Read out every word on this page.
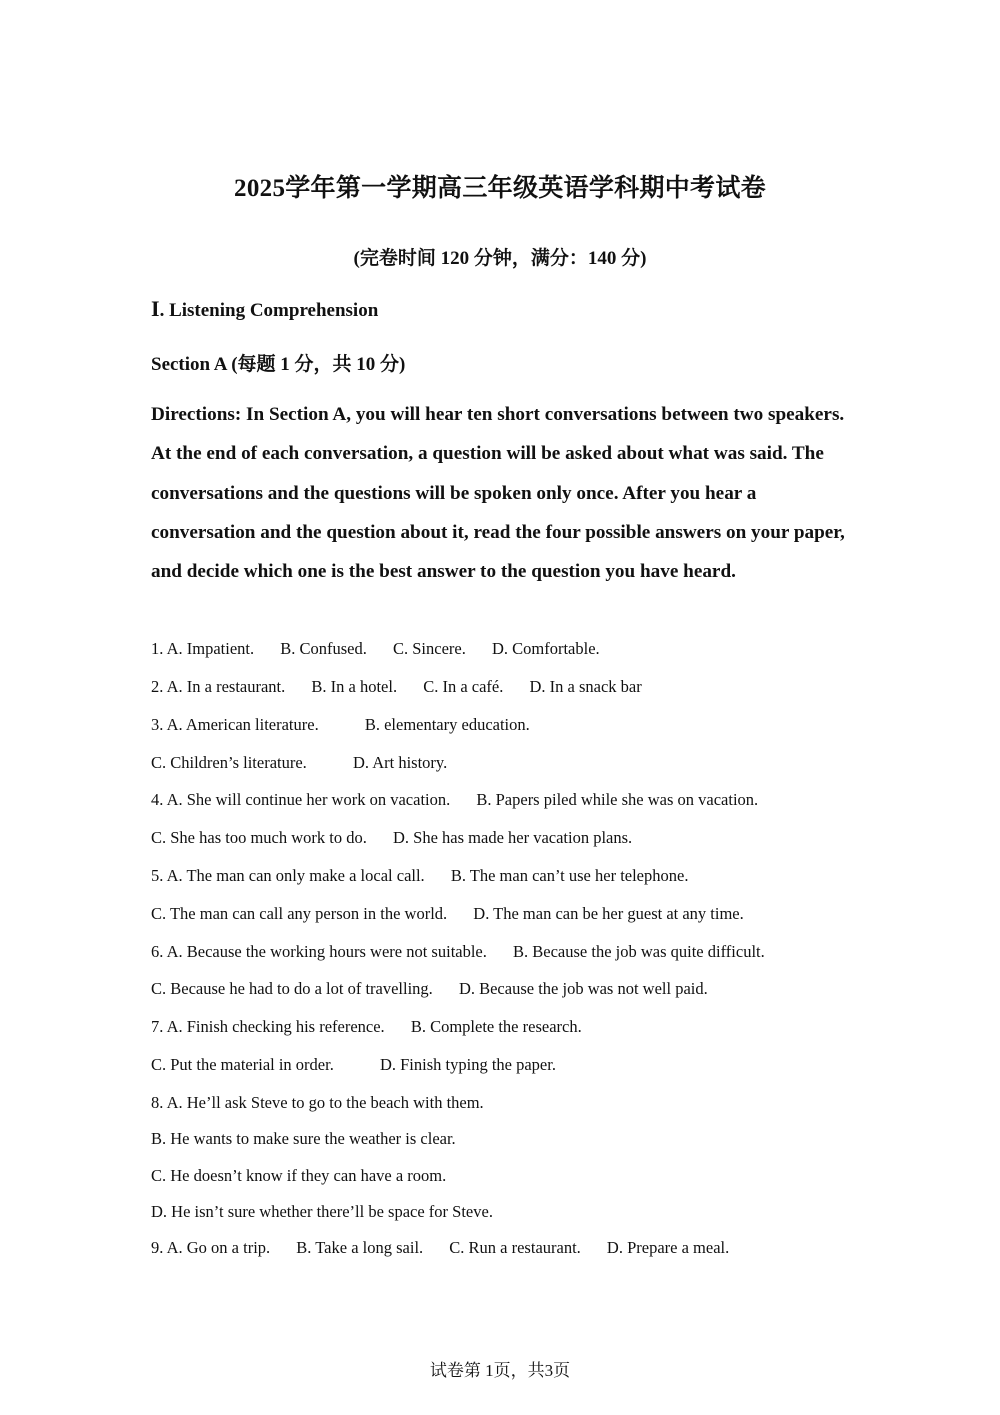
2025学年第一学期高三年级英语学科期中考试卷
(完卷时间 120 分钟，满分：140 分)
I. Listening Comprehension
Section A (每题 1 分，共 10 分)
Directions: In Section A, you will hear ten short conversations between two speakers. At the end of each conversation, a question will be asked about what was said. The conversations and the questions will be spoken only once. After you hear a conversation and the question about it, read the four possible answers on your paper, and decide which one is the best answer to the question you have heard.
1. A. Impatient. B. Confused. C. Sincere. D. Comfortable.
2. A. In a restaurant. B. In a hotel. C. In a café. D. In a snack bar
3. A. American literature.	B. elementary education.
C. Children’s literature.	D. Art history.
4. A. She will continue her work on vacation. B. Papers piled while she was on vacation.
C. She has too much work to do. D. She has made her vacation plans.
5. A. The man can only make a local call. B. The man can’t use her telephone.
C. The man can call any person in the world. D. The man can be her guest at any time.
6. A. Because the working hours were not suitable. B. Because the job was quite difficult.
C. Because he had to do a lot of travelling. D. Because the job was not well paid.
7. A. Finish checking his reference. B. Complete the research.
C. Put the material in order.	D. Finish typing the paper.
8. A. He’ll ask Steve to go to the beach with them.
B. He wants to make sure the weather is clear.
C. He doesn’t know if they can have a room.
D. He isn’t sure whether there’ll be space for Steve.
9. A. Go on a trip. B. Take a long sail. C. Run a restaurant. D. Prepare a meal.
试卷第 1页，共3页
